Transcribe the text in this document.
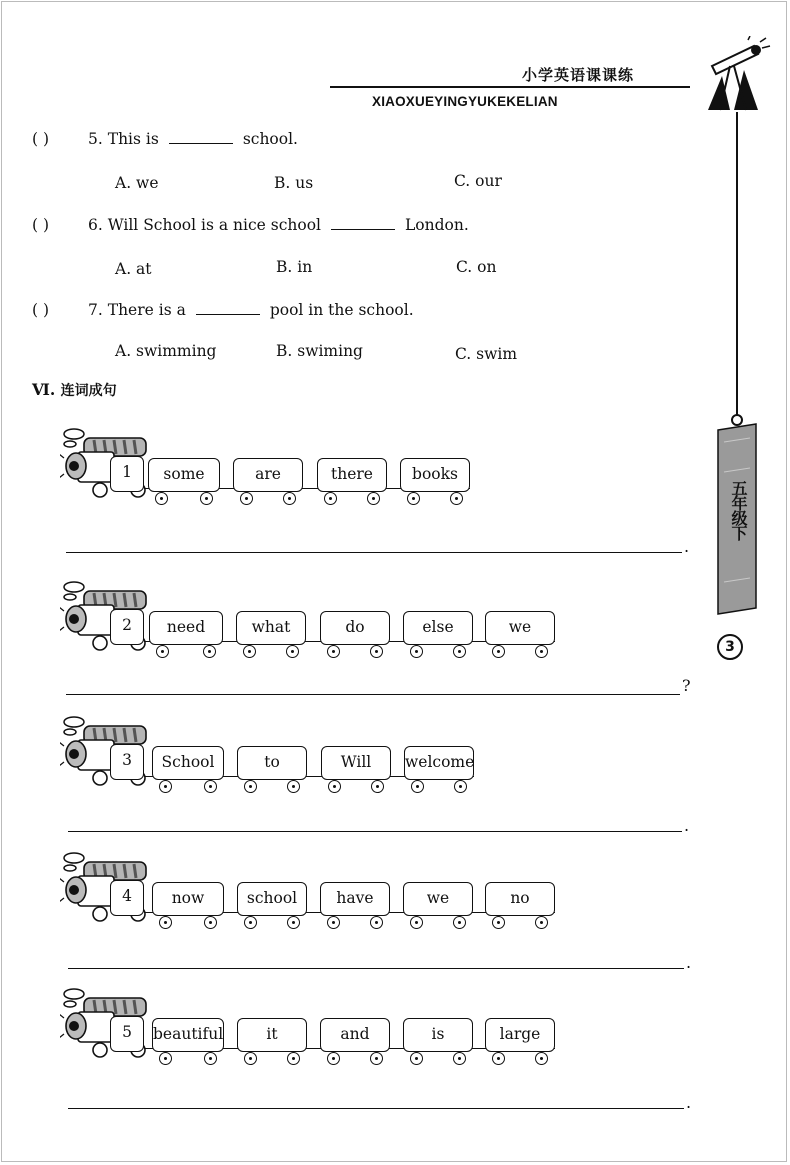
小学英语课课练
XIAOXUEYINGYUKEKELIAN
五年级下
3
( )	5. This is	school.
A. we	B. us	C. our
( )	6. Will School is a nice school	London.
A. at	B. in	C. on
( )	7. There is a	pool in the school.
A. swimming	B. swiming	C. swim
Ⅵ. 连词成句
1	some	are	there	books
.
2	need	what	do	else	we
?
3	School	to	Will	welcome
.
4	now	school	have	we	no
.
5	beautiful	it	and	is	large
.
